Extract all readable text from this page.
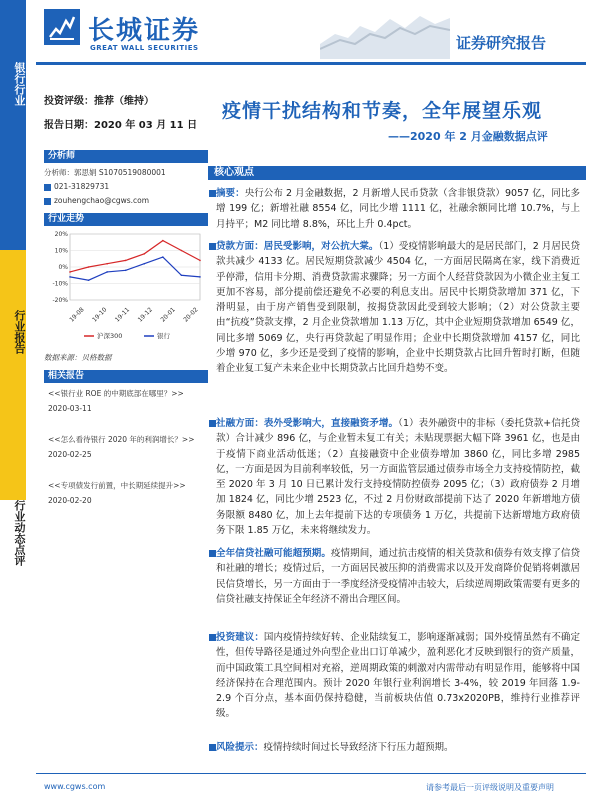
长城证券
GREAT WALL SECURITIES	证券研究报告
银行行业
行业报告
行业动态点评
投资评级：推荐（维持）
报告日期：2020 年 03 月 11 日
疫情干扰结构和节奏，全年展望乐观
——2020 年 2 月金融数据点评
分析师
分析师：郭思娟 S1070519080001
021-31829731
zouhengchao@cgws.com
行业走势
20%
10%
0%
-10%
-20%
19-08 19-10 19-11 19-12 20-01 20-02
沪深300	银行
数据来源：贝格数据
相关报告
<<银行业 ROE 的中期底部在哪里？>>
2020-03-11
<<怎么看待银行 2020 年的利润增长？>>
2020-02-25
<<专项债发行前置，中长期延续提升>>
2020-02-20
核心观点
摘要：央行公布 2 月金融数据，2 月新增人民币贷款（含非银贷款）9057 亿，同比多增 199 亿；新增社融 8554 亿，同比少增 1111 亿，社融余额同比增 10.7%，与上月持平；M2 同比增 8.8%，环比上升 0.4pct。
贷款方面：居民受影响，对公抗大棠。（1）受疫情影响最大的是居民部门，2 月居民贷款共减少 4133 亿。居民短期贷款减少 4504 亿，一方面居民隔离在家，线下消费近乎停滞，信用卡分期、消费贷款需求骤降；另一方面个人经营贷款因为小微企业主复工更加不容易，部分提前偿还避免不必要的利息支出。居民中长期贷款增加 371 亿，下滑明显，由于房产销售受到限制，按揭贷款因此受到较大影响；（2）对公贷款主要由“抗疫”贷款支撑，2 月企业贷款增加 1.13 万亿，其中企业短期贷款增加 6549 亿，同比多增 5069 亿，央行再贷款起了明显作用；企业中长期贷款增加 4157 亿，同比少增 970 亿，多少还是受到了疫情的影响，企业中长期贷款占比回升暂时打断，但随着企业复工复产未来企业中长期贷款占比回升趋势不变。
社融方面：表外受影响大，直接融资矛增。（1）表外融资中的非标（委托贷款+信托贷款）合计减少 896 亿，与企业暂未复工有关；未贴现票据大幅下降 3961 亿，也是由于疫情下商业活动低迷；（2）直接融资中企业债券增加 3860 亿，同比多增 2985 亿，一方面是因为目前利率较低，另一方面监管层通过债券市场全力支持疫情防控，截至 2020 年 3 月 10 日已累计发行支持疫情防控债券 2095 亿；（3）政府债券 2 月增加 1824 亿，同比少增 2523 亿，不过 2 月份财政部提前下达了 2020 年新增地方债务限额 8480 亿，加上去年提前下达的专项债务 1 万亿，共提前下达新增地方政府债务下限 1.85 万亿，未来将继续发力。
全年信贷社融可能超预期。疫情期间，通过抗击疫情的相关贷款和债券有效支撑了信贷和社融的增长；疫情过后，一方面居民被压抑的消费需求以及开发商降价促销将刺激居民信贷增长，另一方面由于一季度经济受疫情冲击较大，后续逆周期政策需要有更多的信贷社融支持保证全年经济不滑出合理区间。
投资建议：国内疫情持续好转、企业陆续复工，影响逐渐减弱；国外疫情虽然有不确定性，但传导路径是通过外向型企业出口订单减少，盈利恶化才反映到银行的资产质量，而中国政策工具空间相对充裕，逆周期政策的刺激对内需带动有明显作用，能够将中国经济保持在合理范围内。预计 2020 年银行业利润增长 3-4%，较 2019 年回落 1.9-2.9 个百分点，基本面仍保持稳健，当前板块估值 0.73x2020PB，维持行业推荐评级。
风险提示：疫情持续时间过长导致经济下行压力超预期。
www.cgws.com	请参考最后一页评级说明及重要声明
